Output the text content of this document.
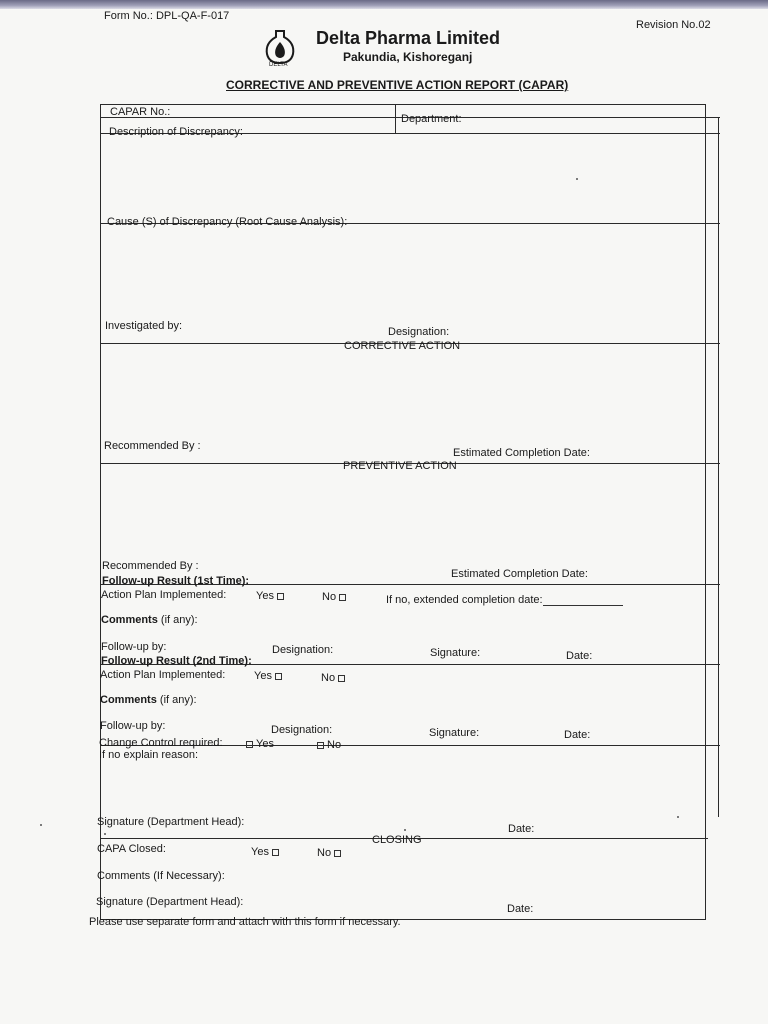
Form No.: DPL-QA-F-017
Revision No.02
DELTA
Delta Pharma Limited
Pakundia, Kishoreganj
CORRECTIVE AND PREVENTIVE ACTION REPORT (CAPAR)
CAPAR No.:
Department:
Description of Discrepancy:
Cause (S) of Discrepancy (Root Cause Analysis):
Investigated by:	Designation:
CORRECTIVE ACTION
Recommended By :
Estimated Completion Date:
PREVENTIVE ACTION
Recommended By :
Estimated Completion Date:
Follow-up Result (1st Time):
Action Plan Implemented:	Yes	No	If no, extended completion date:
Comments (if any):
Follow-up by:	Designation:	Signature:	Date:
Follow-up Result (2nd Time):
Action Plan Implemented:	Yes	No
Comments (if any):
Follow-up by:	Designation:	Signature:	Date:
Change Control required:	Yes	No
If no explain reason:
Signature (Department Head):
Date:
CLOSING
CAPA Closed:	Yes	No
Comments (If Necessary):
Signature (Department Head):
Date:
Please use separate form and attach with this form if necessary.
